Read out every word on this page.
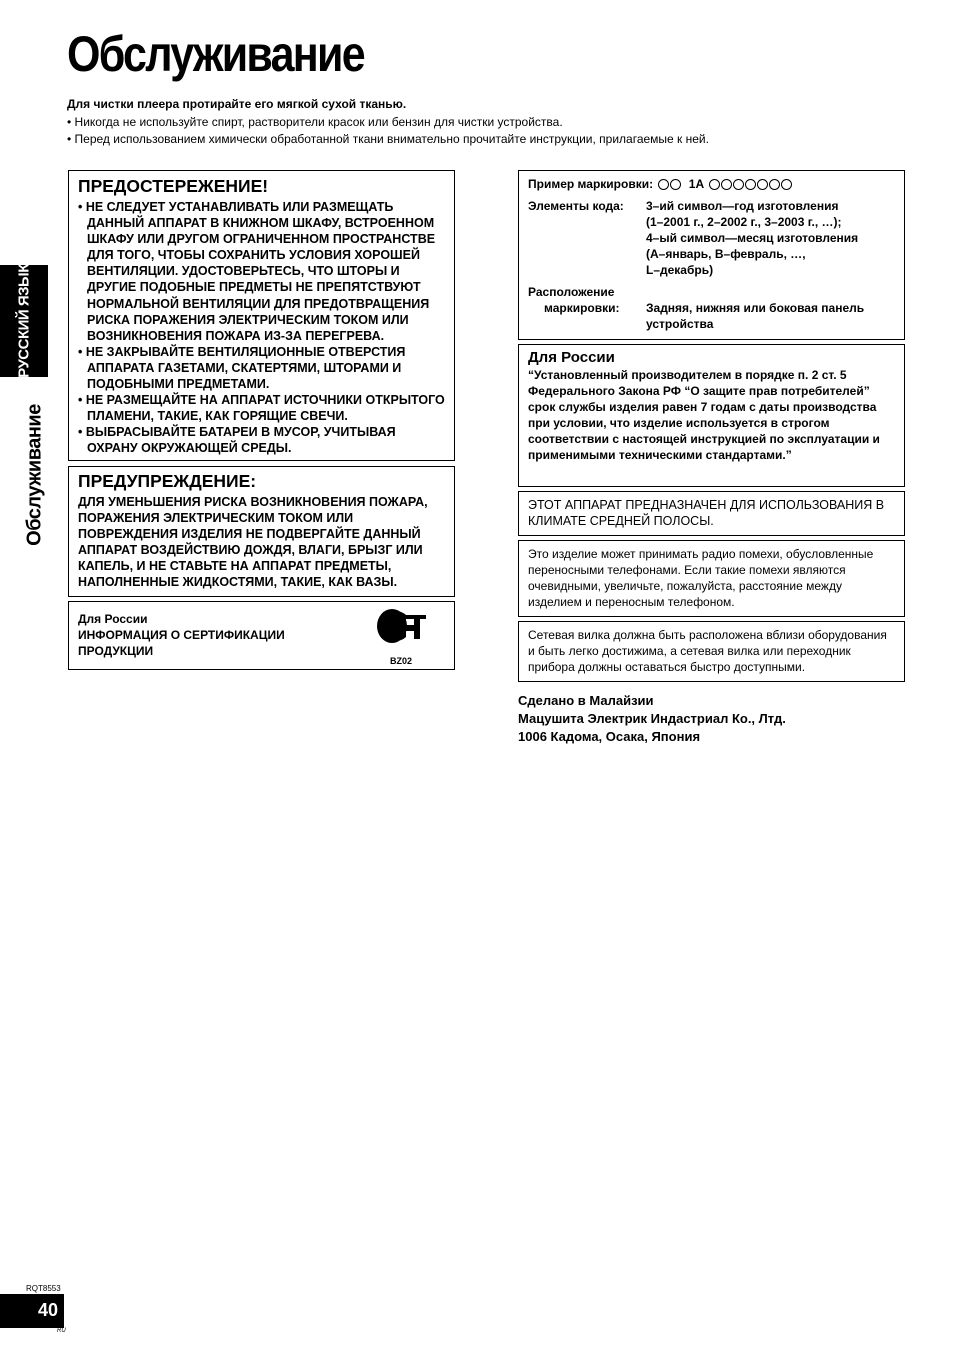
Обслуживание
Для чистки плеера протирайте его мягкой сухой тканью.
• Никогда не используйте спирт, растворители красок или бензин для чистки устройства.
• Перед использованием химически обработанной ткани внимательно прочитайте инструкции, прилагаемые к ней.
РУССКИЙ ЯЗЫК
Обслуживание
ПРЕДОСТЕРЕЖЕНИЕ!
• НЕ СЛЕДУЕТ УСТАНАВЛИВАТЬ ИЛИ РАЗМЕЩАТЬ ДАННЫЙ АППАРАТ В КНИЖНОМ ШКАФУ, ВСТРОЕННОМ ШКАФУ ИЛИ ДРУГОМ ОГРАНИЧЕННОМ ПРОСТРАНСТВЕ ДЛЯ ТОГО, ЧТОБЫ СОХРАНИТЬ УСЛОВИЯ ХОРОШЕЙ ВЕНТИЛЯЦИИ. УДОСТОВЕРЬТЕСЬ, ЧТО ШТОРЫ И ДРУГИЕ ПОДОБНЫЕ ПРЕДМЕТЫ НЕ ПРЕПЯТСТВУЮТ НОРМАЛЬНОЙ ВЕНТИЛЯЦИИ ДЛЯ ПРЕДОТВРАЩЕНИЯ РИСКА ПОРАЖЕНИЯ ЭЛЕКТРИЧЕСКИМ ТОКОМ ИЛИ ВОЗНИКНОВЕНИЯ ПОЖАРА ИЗ-ЗА ПЕРЕГРЕВА.
• НЕ ЗАКРЫВАЙТЕ ВЕНТИЛЯЦИОННЫЕ ОТВЕРСТИЯ АППАРАТА ГАЗЕТАМИ, СКАТЕРТЯМИ, ШТОРАМИ И ПОДОБНЫМИ ПРЕДМЕТАМИ.
• НЕ РАЗМЕЩАЙТЕ НА АППАРАТ ИСТОЧНИКИ ОТКРЫТОГО ПЛАМЕНИ, ТАКИЕ, КАК ГОРЯЩИЕ СВЕЧИ.
• ВЫБРАСЫВАЙТЕ БАТАРЕИ В МУСОР, УЧИТЫВАЯ ОХРАНУ ОКРУЖАЮЩЕЙ СРЕДЫ.
ПРЕДУПРЕЖДЕНИЕ:
ДЛЯ УМЕНЬШЕНИЯ РИСКА ВОЗНИКНОВЕНИЯ ПОЖАРА, ПОРАЖЕНИЯ ЭЛЕКТРИЧЕСКИМ ТОКОМ ИЛИ ПОВРЕЖДЕНИЯ ИЗДЕЛИЯ НЕ ПОДВЕРГАЙТЕ ДАННЫЙ АППАРАТ ВОЗДЕЙСТВИЮ ДОЖДЯ, ВЛАГИ, БРЫЗГ ИЛИ КАПЕЛЬ, И НЕ СТАВЬТЕ НА АППАРАТ ПРЕДМЕТЫ, НАПОЛНЕННЫЕ ЖИДКОСТЯМИ, ТАКИЕ, КАК ВАЗЫ.
Для России
ИНФОРМАЦИЯ О СЕРТИФИКАЦИИ ПРОДУКЦИИ
BZ02
Пример маркировки:	1A
Элементы кода:	3–ий символ—год изготовления
(1–2001 г., 2–2002 г., 3–2003 г., …);
4–ый символ—месяц изготовления
(A–январь, B–февраль, …,
L–декабрь)
Расположение
маркировки:	Задняя, нижняя или боковая панель устройства
Для России
“Установленный производителем в порядке п. 2 ст. 5 Федерального Закона РФ “О защите прав потребителей” срок службы изделия равен 7 годам с даты производства при условии, что изделие используется в строгом соответствии с настоящей инструкцией по эксплуатации и применимыми техническими стандартами.”
ЭТОТ АППАРАТ ПРЕДНАЗНАЧЕН ДЛЯ ИСПОЛЬЗОВАНИЯ В КЛИМАТЕ СРЕДНЕЙ ПОЛОСЫ.
Это изделие может принимать радио помехи, обусловленные переносными телефонами. Если такие помехи являются очевидными, увеличьте, пожалуйста, расстояние между изделием и переносным телефоном.
Сетевая вилка должна быть расположена вблизи оборудования и быть легко достижима, а сетевая вилка или переходник прибора должны оставаться быстро доступными.
Сделано в Малайзии
Мацушита Электрик Индастриал Ко., Лтд.
1006 Кадома, Осака, Япония
RQT8553
40
RU
